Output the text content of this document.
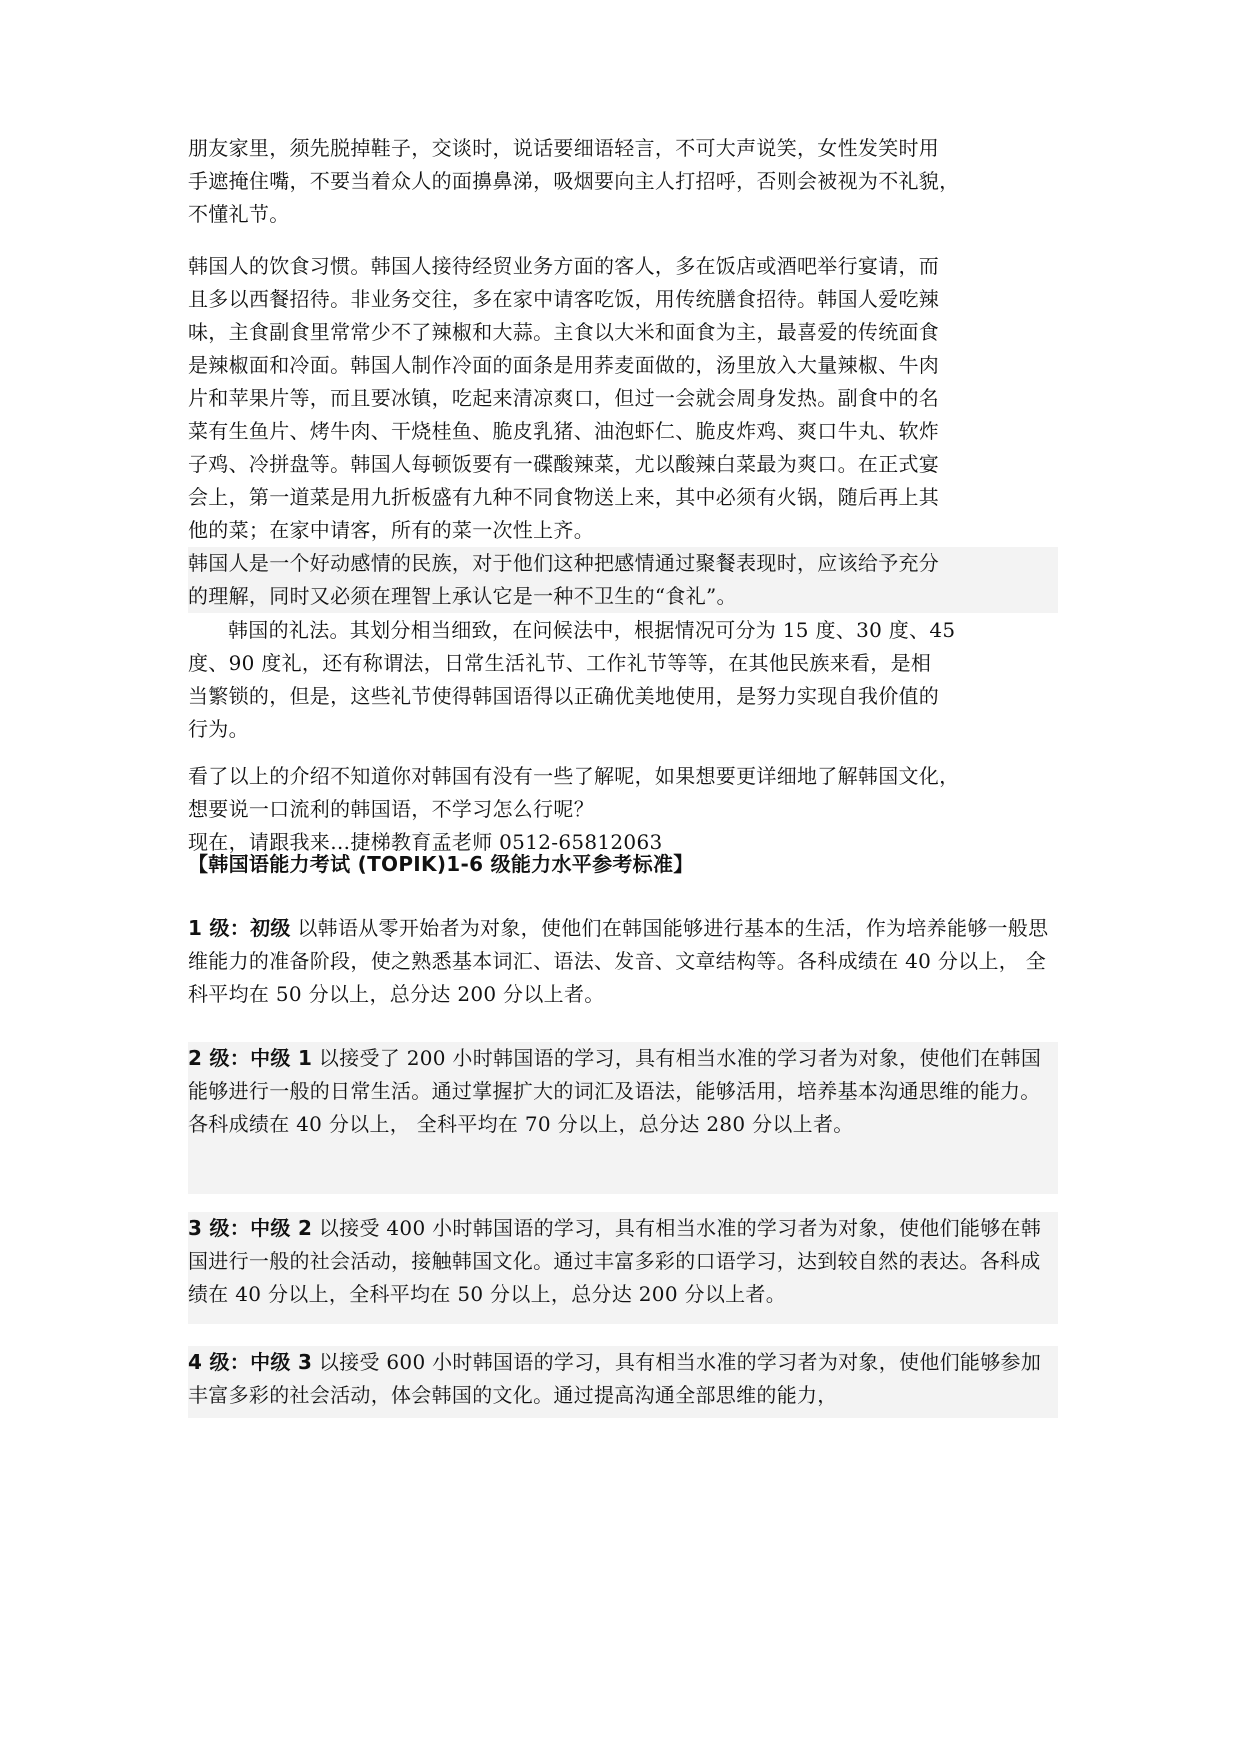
朋友家里，须先脱掉鞋子，交谈时，说话要细语轻言，不可大声说笑，女性发笑时用
手遮掩住嘴，不要当着众人的面擤鼻涕，吸烟要向主人打招呼，否则会被视为不礼貌，
不懂礼节。
韩国人的饮食习惯。韩国人接待经贸业务方面的客人，多在饭店或酒吧举行宴请，而
且多以西餐招待。非业务交往，多在家中请客吃饭，用传统膳食招待。韩国人爱吃辣
味，主食副食里常常少不了辣椒和大蒜。主食以大米和面食为主，最喜爱的传统面食
是辣椒面和冷面。韩国人制作冷面的面条是用荞麦面做的，汤里放入大量辣椒、牛肉
片和苹果片等，而且要冰镇，吃起来清凉爽口，但过一会就会周身发热。副食中的名
菜有生鱼片、烤牛肉、干烧桂鱼、脆皮乳猪、油泡虾仁、脆皮炸鸡、爽口牛丸、软炸
子鸡、冷拼盘等。韩国人每顿饭要有一碟酸辣菜，尤以酸辣白菜最为爽口。在正式宴
会上，第一道菜是用九折板盛有九种不同食物送上来，其中必须有火锅，随后再上其
他的菜；在家中请客，所有的菜一次性上齐。
韩国人是一个好动感情的民族，对于他们这种把感情通过聚餐表现时，应该给予充分
的理解，同时又必须在理智上承认它是一种不卫生的“食礼”。
韩国的礼法。其划分相当细致，在问候法中，根据情况可分为 15 度、30 度、45
度、90 度礼，还有称谓法，日常生活礼节、工作礼节等等，在其他民族来看，是相
当繁锁的，但是，这些礼节使得韩国语得以正确优美地使用，是努力实现自我价值的
行为。
看了以上的介绍不知道你对韩国有没有一些了解呢，如果想要更详细地了解韩国文化，
想要说一口流利的韩国语，不学习怎么行呢？
现在，请跟我来…捷梯教育孟老师 0512-65812063
【韩国语能力考试 (TOPIK)1-6 级能力水平参考标准】
1 级：初级 以韩语从零开始者为对象，使他们在韩国能够进行基本的生活，作为培养能够一般思维能力的准备阶段，使之熟悉基本词汇、语法、发音、文章结构等。各科成绩在 40 分以上， 全科平均在 50 分以上，总分达 200 分以上者。
2 级：中级 1 以接受了 200 小时韩国语的学习，具有相当水准的学习者为对象，使他们在韩国能够进行一般的日常生活。通过掌握扩大的词汇及语法，能够活用，培养基本沟通思维的能力。各科成绩在 40 分以上， 全科平均在 70 分以上，总分达 280 分以上者。
3 级：中级 2 以接受 400 小时韩国语的学习，具有相当水准的学习者为对象，使他们能够在韩国进行一般的社会活动，接触韩国文化。通过丰富多彩的口语学习，达到较自然的表达。各科成绩在 40 分以上，全科平均在 50 分以上，总分达 200 分以上者。
4 级：中级 3 以接受 600 小时韩国语的学习，具有相当水准的学习者为对象，使他们能够参加丰富多彩的社会活动，体会韩国的文化。通过提高沟通全部思维的能力，
